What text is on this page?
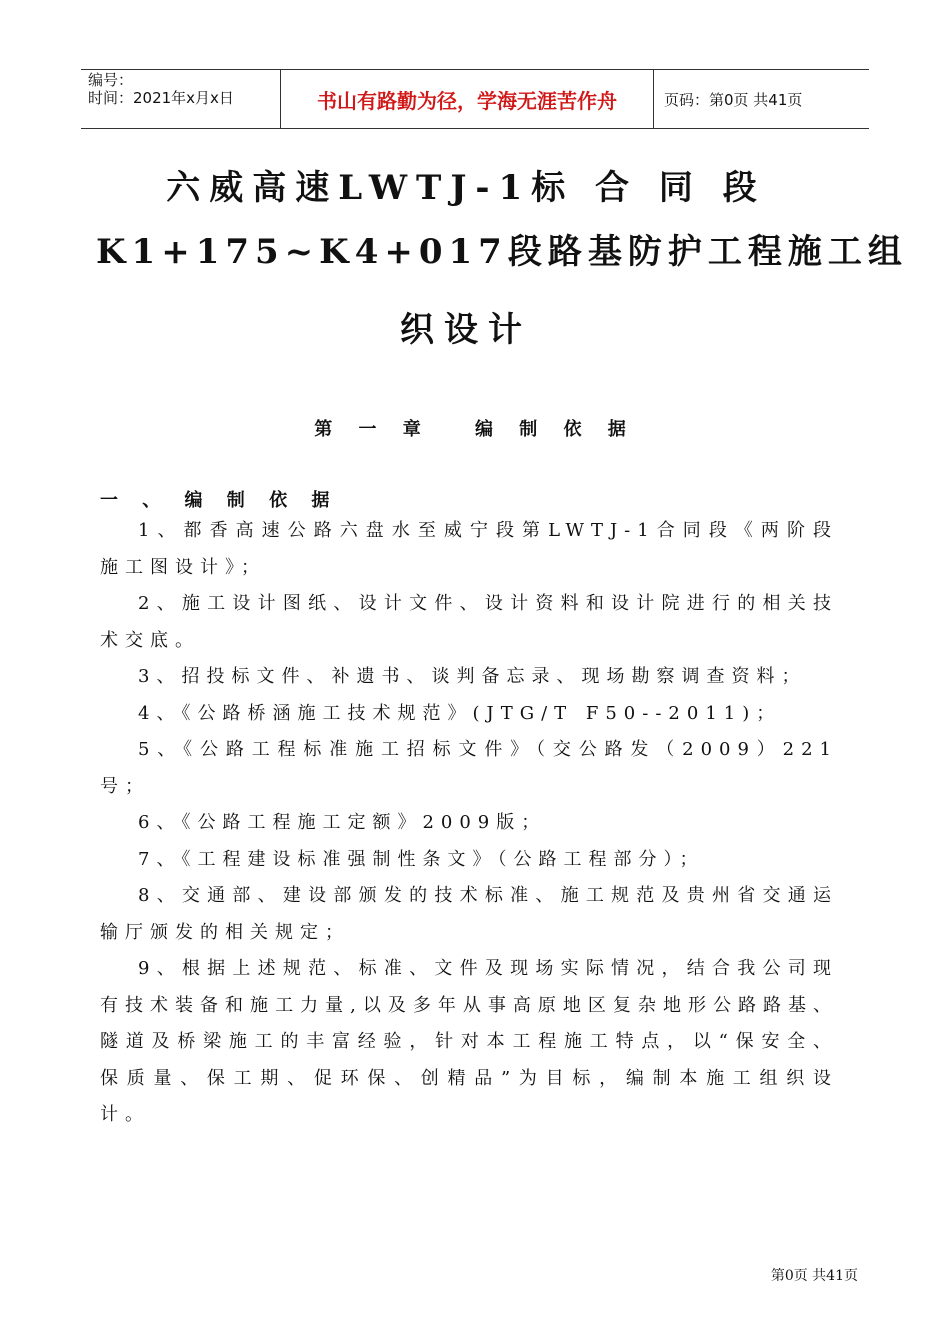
编号：
时间：2021年x月x日	书山有路勤为径，学海无涯苦作舟	页码：第0页 共41页
六威高速LWTJ-1标 合 同 段
K1+175~K4+017段路基防护工程施工组
织设计
第 一 章　 编 制 依 据
一 、 编 制 依 据

1、都香高速公路六盘水至威宁段第LWTJ-1合同段《两阶段施工图设计》；

2、施工设计图纸、设计文件、设计资料和设计院进行的相关技术交底。

3、招投标文件、补遗书、谈判备忘录、现场勘察调查资料；

4、《公路桥涵施工技术规范》(JTG/T F50--2011)；

5、《公路工程标准施工招标文件》（交公路发（2009）221号；

6、《公路工程施工定额》2009版；

7、《工程建设标准强制性条文》（公路工程部分）；

8、交通部、建设部颁发的技术标准、施工规范及贵州省交通运输厅颁发的相关规定；

9、根据上述规范、标准、文件及现场实际情况，结合我公司现有技术装备和施工力量,以及多年从事高原地区复杂地形公路路基、隧道及桥梁施工的丰富经验，针对本工程施工特点，以“保安全、保质量、保工期、促环保、创精品”为目标，编制本施工组织设计。

第0页 共41页
